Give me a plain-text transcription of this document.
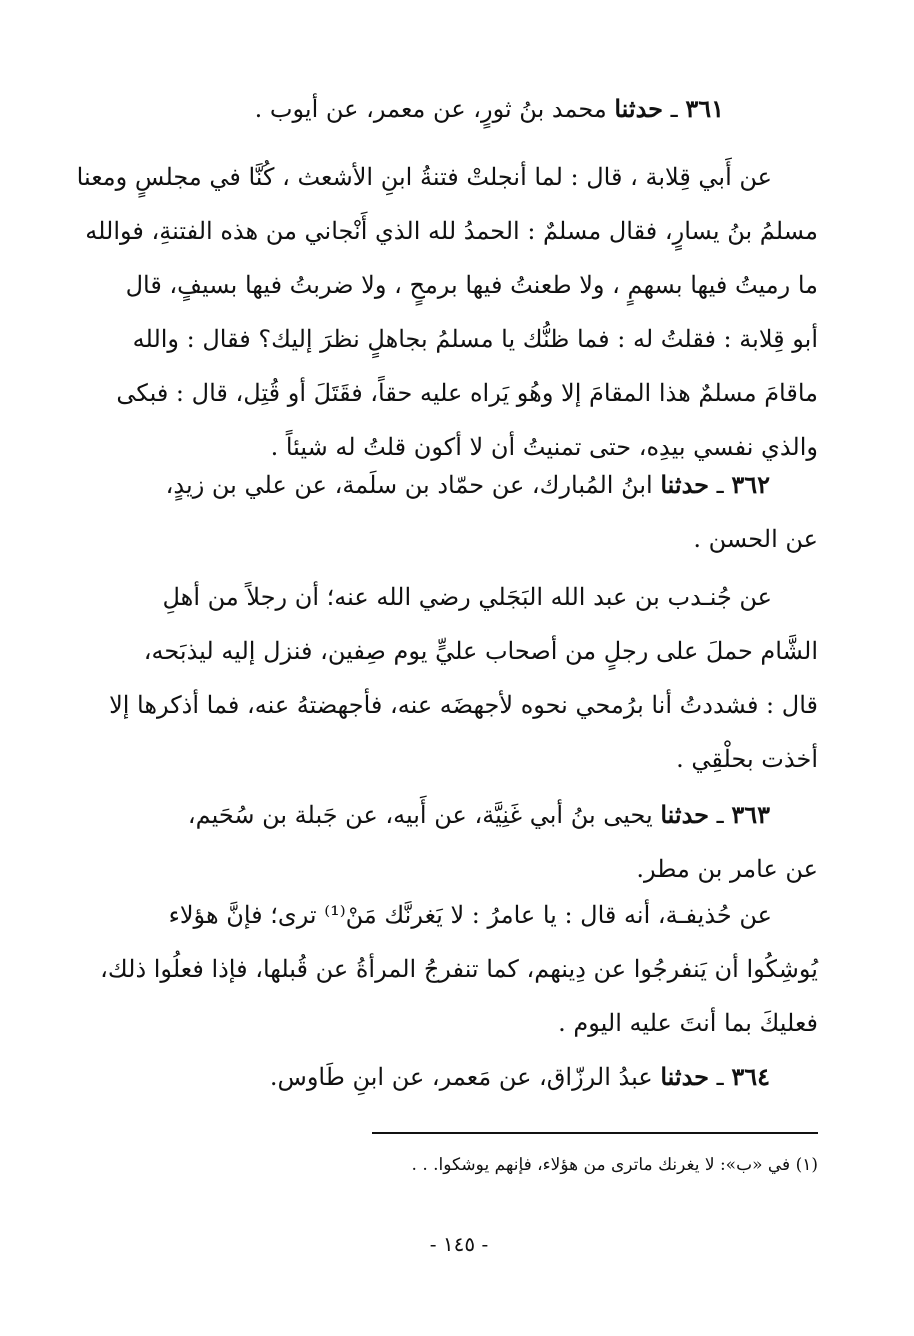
٣٦١ ـ حدثنا محمد بنُ ثورٍ، عن معمر، عن أيوب .
عن أَبي قِلابة ، قال : لما أنجلتْ فتنةُ ابنِ الأشعث ، كُنَّا في مجلسٍ ومعنا
مسلمُ بنُ يسارٍ، فقال مسلمٌ : الحمدُ لله الذي أَنْجاني من هذه الفتنةِ، فوالله
ما رميتُ فيها بسهمٍ ، ولا طعنتُ فيها برمحٍ ، ولا ضربتُ فيها بسيفٍ، قال
أبو قِلابة : فقلتُ له : فما ظنُّك يا مسلمُ بجاهلٍ نظرَ إليك؟ فقال : والله
ماقامَ مسلمٌ هذا المقامَ إلا وهُو يَراه عليه حقاً، فقَتَلَ أو قُتِل، قال : فبكى
والذي نفسي بيدِه، حتى تمنيتُ أن لا أكون قلتُ له شيئاً .
٣٦٢ ـ حدثنا ابنُ المُبارك، عن حمّاد بن سلَمة، عن علي بن زيدٍ،
عن الحسن .
عن جُنـدب بن عبد الله البَجَلي رضي الله عنه؛ أن رجلاً من أهلِ
الشَّام حملَ على رجلٍ من أصحاب عليٍّ يوم صِفين، فنزل إليه ليذبَحه،
قال : فشددتُ أنا برُمحي نحوه لأجهضَه عنه، فأجهضتهُ عنه، فما أذكرها إلا
أخذت بحلْقِي .
٣٦٣ ـ حدثنا يحيى بنُ أبي غَنِيَّة، عن أَبيه، عن جَبلة بن سُحَيم،
عن عامر بن مطر.
عن حُذيفـة، أنه قال : يا عامرُ : لا يَغرنَّك مَنْ⁽¹⁾ ترى؛ فإنَّ هؤلاء
يُوشِكُوا أن يَنفرجُوا عن دِينهم، كما تنفرجُ المرأةُ عن قُبلها، فإذا فعلُوا ذلك،
فعليكَ بما أنتَ عليه اليوم .
٣٦٤ ـ حدثنا عبدُ الرزّاق، عن مَعمر، عن ابنِ طَاوس.
(١) في «ب»: لا يغرنك ماترى من هؤلاء، فإنهم يوشكوا. . .
- ١٤٥ -
